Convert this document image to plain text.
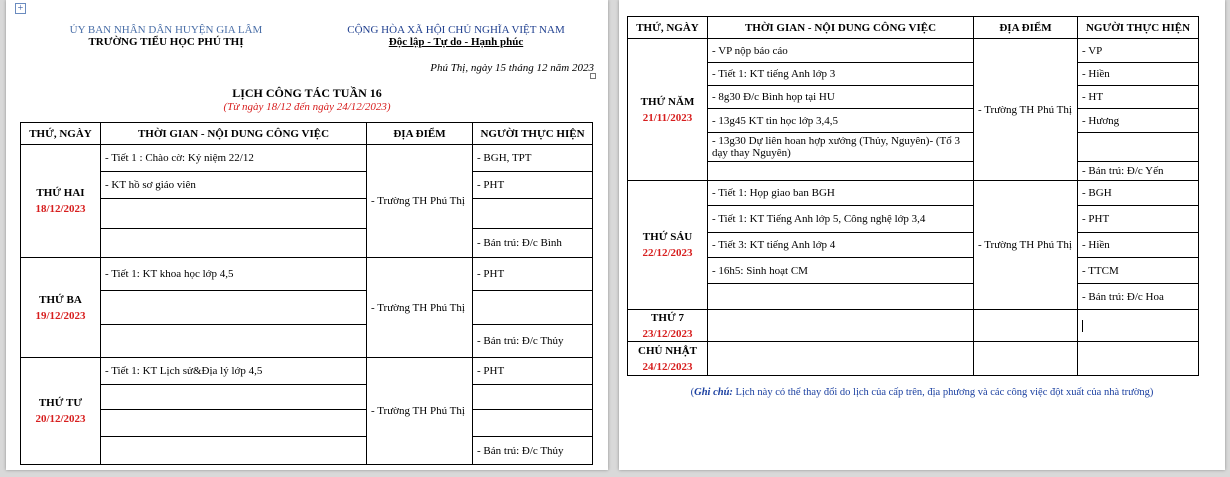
+
ỦY BAN NHÂN DÂN HUYỆN GIA LÂM
TRƯỜNG TIỂU HỌC PHÚ THỊ
CỘNG HÒA XÃ HỘI CHỦ NGHĨA VIỆT NAM
Độc lập - Tự do - Hạnh phúc
Phú Thị, ngày 15 tháng 12 năm 2023
LỊCH CÔNG TÁC TUẦN 16
(Từ ngày 18/12 đến ngày 24/12/2023)
THỨ, NGÀY	THỜI GIAN - NỘI DUNG CÔNG VIỆC	ĐỊA ĐIỂM	NGƯỜI THỰC HIỆN
THỨ HAI
18/12/2023	- Tiết 1 : Chào cờ: Kỷ niệm 22/12	- Trường TH Phú Thị	- BGH, TPT
	- KT hồ sơ giáo viên		- PHT

			- Bán trú: Đ/c Bình
THỨ BA
19/12/2023	- Tiết 1: KT khoa học lớp 4,5	- Trường TH Phú Thị	- PHT

			- Bán trú: Đ/c Thủy
THỨ TƯ
20/12/2023	- Tiết 1: KT Lịch sử&Địa lý lớp 4,5	- Trường TH Phú Thị	- PHT

			- Bán trú: Đ/c Thủy
THỨ, NGÀY	THỜI GIAN - NỘI DUNG CÔNG VIỆC	ĐỊA ĐIỂM	NGƯỜI THỰC HIỆN
THỨ NĂM
21/11/2023	- VP nộp báo cáo	- Trường TH Phú Thị	- VP
	- Tiết 1: KT tiếng Anh lớp 3		- Hiền
	- 8g30 Đ/c Bình họp tại HU		- HT
	- 13g45 KT tin học lớp 3,4,5		- Hương
	- 13g30 Dự liên hoan hợp xướng (Thủy, Nguyên)- (Tổ 3 dạy thay Nguyên)		
			- Bán trú: Đ/c Yến
THỨ SÁU
22/12/2023	- Tiết 1: Họp giao ban BGH	- Trường TH Phú Thị	- BGH
	- Tiết 1: KT Tiếng Anh lớp 5, Công nghệ lớp 3,4		- PHT
	- Tiết 3: KT tiếng Anh lớp 4		- Hiền
	- 16h5: Sinh hoạt CM		- TTCM
			- Bán trú: Đ/c Hoa
THỨ 7
23/12/2023			

CHỦ NHẬT
24/12/2023			

(Ghi chú: Lịch này có thể thay đổi do lịch của cấp trên, địa phương và các công việc đột xuất của nhà trường)
